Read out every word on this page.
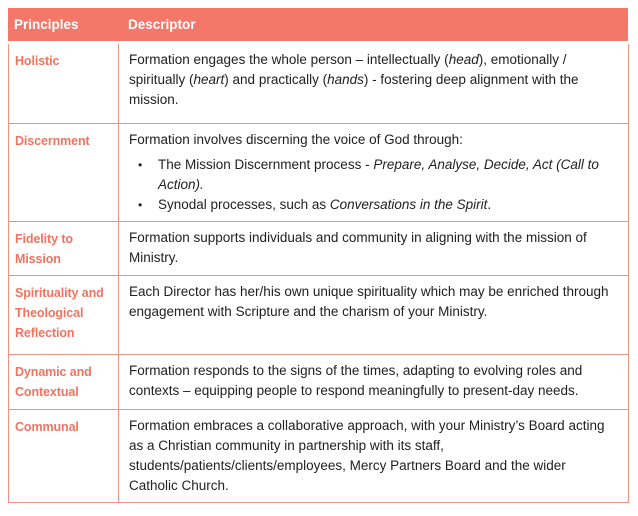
Principles	Descriptor
Holistic	Formation engages the whole person – intellectually (head), emotionally / spiritually (heart) and practically (hands) - fostering deep alignment with the mission.

Discernment	Formation involves discerning the voice of God through:

• The Mission Discernment process - Prepare, Analyse, Decide, Act (Call to Action).
• Synodal processes, such as Conversations in the Spirit.

Fidelity to Mission	Formation supports individuals and community in aligning with the mission of Ministry.

Spirituality and Theological Reflection	Each Director has her/his own unique spirituality which may be enriched through engagement with Scripture and the charism of your Ministry.

Dynamic and Contextual	Formation responds to the signs of the times, adapting to evolving roles and contexts – equipping people to respond meaningfully to present-day needs.

Communal	Formation embraces a collaborative approach, with your Ministry’s Board acting as a Christian community in partnership with its staff, students/patients/clients/employees, Mercy Partners Board and the wider Catholic Church.
